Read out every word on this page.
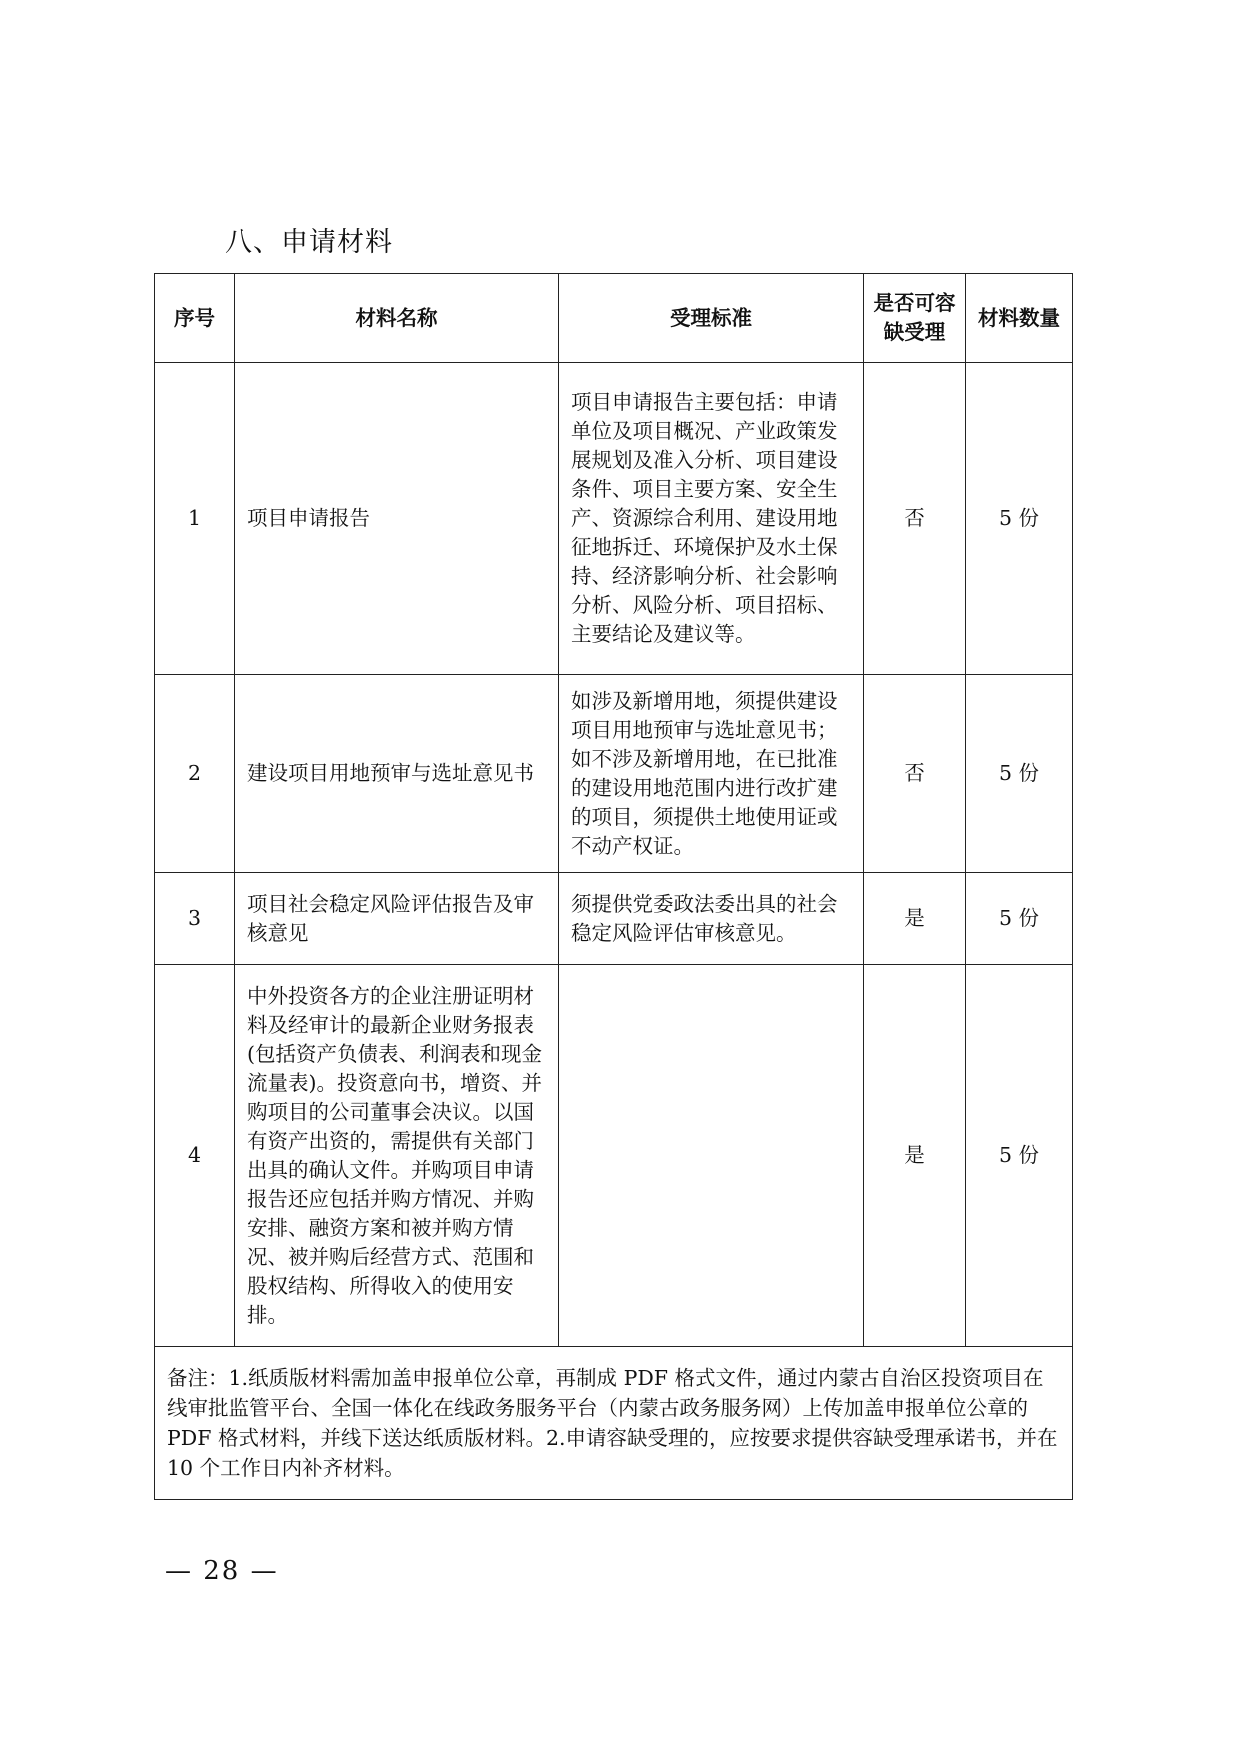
八、申请材料
序号	材料名称	受理标准	是否可容缺受理	材料数量
1	项目申请报告	项目申请报告主要包括：申请单位及项目概况、产业政策发展规划及准入分析、项目建设条件、项目主要方案、安全生产、资源综合利用、建设用地征地拆迁、环境保护及水土保持、经济影响分析、社会影响分析、风险分析、项目招标、主要结论及建议等。	否	5 份
2	建设项目用地预审与选址意见书	如涉及新增用地，须提供建设项目用地预审与选址意见书；如不涉及新增用地，在已批准的建设用地范围内进行改扩建的项目，须提供土地使用证或不动产权证。	否	5 份
3	项目社会稳定风险评估报告及审核意见	须提供党委政法委出具的社会稳定风险评估审核意见。	是	5 份
4	中外投资各方的企业注册证明材料及经审计的最新企业财务报表(包括资产负债表、利润表和现金流量表)。投资意向书，增资、并购项目的公司董事会决议。以国有资产出资的，需提供有关部门出具的确认文件。并购项目申请报告还应包括并购方情况、并购安排、融资方案和被并购方情况、被并购后经营方式、范围和股权结构、所得收入的使用安排。		是	5 份
备注：1.纸质版材料需加盖申报单位公章，再制成 PDF 格式文件，通过内蒙古自治区投资项目在线审批监管平台、全国一体化在线政务服务平台（内蒙古政务服务网）上传加盖申报单位公章的 PDF 格式材料，并线下送达纸质版材料。2.申请容缺受理的，应按要求提供容缺受理承诺书，并在 10 个工作日内补齐材料。				
— 28 —
